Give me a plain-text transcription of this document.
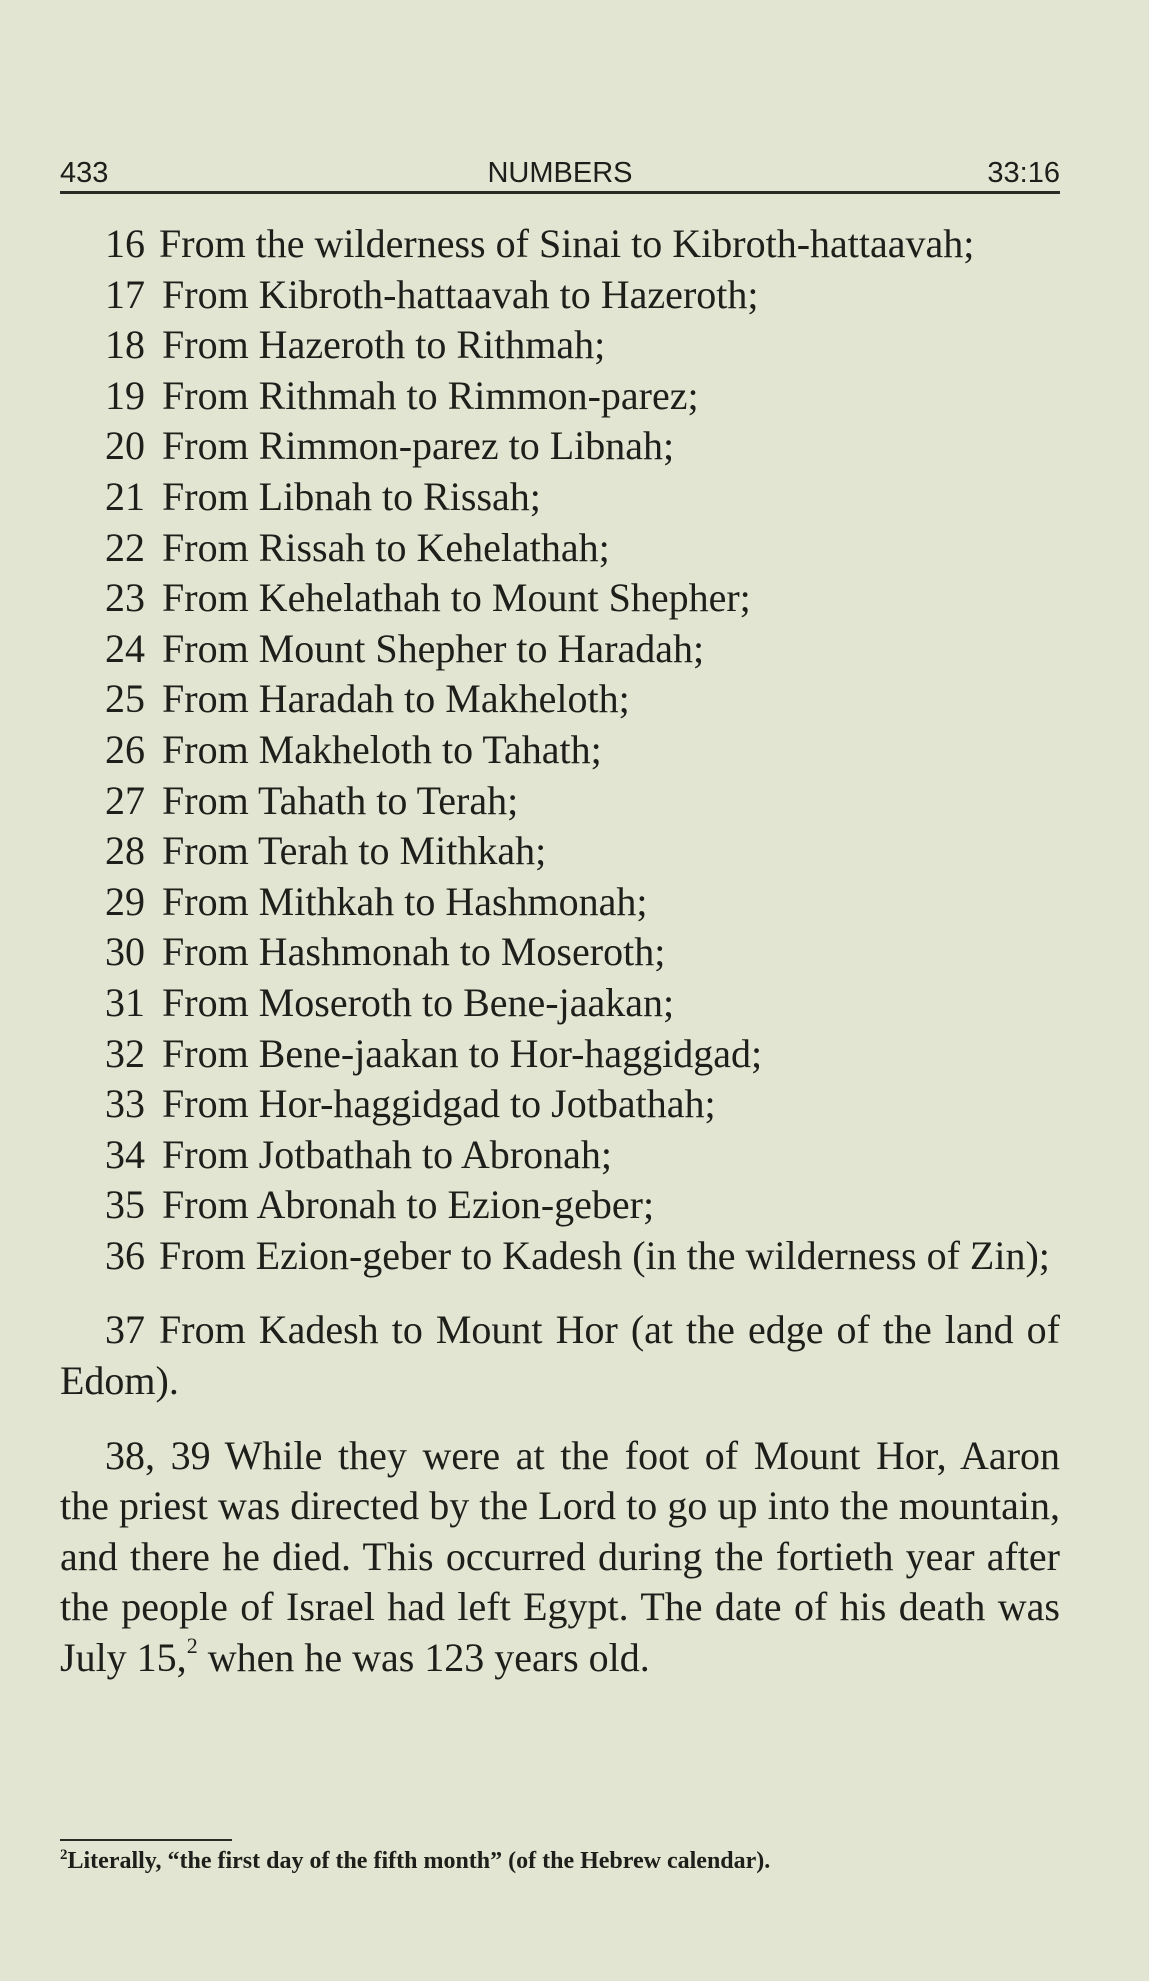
NUMBERS
433	33:16

16 From the wilderness of Sinai to Kibroth-hattaavah;

17 From Kibroth-hattaavah to Hazeroth;

18 From Hazeroth to Rithmah;

19 From Rithmah to Rimmon-parez;

20 From Rimmon-parez to Libnah;

21 From Libnah to Rissah;

22 From Rissah to Kehelathah;

23 From Kehelathah to Mount Shepher;

24 From Mount Shepher to Haradah;

25 From Haradah to Makheloth;

26 From Makheloth to Tahath;

27 From Tahath to Terah;

28 From Terah to Mithkah;

29 From Mithkah to Hashmonah;

30 From Hashmonah to Moseroth;

31 From Moseroth to Bene-jaakan;

32 From Bene-jaakan to Hor-haggidgad;

33 From Hor-haggidgad to Jotbathah;

34 From Jotbathah to Abronah;

35 From Abronah to Ezion-geber;

36 From Ezion-geber to Kadesh (in the wilderness of Zin);

37 From Kadesh to Mount Hor (at the edge of the land of Edom).

38, 39 While they were at the foot of Mount Hor, Aaron the priest was directed by the Lord to go up into the mountain, and there he died. This occurred during the fortieth year after the people of Israel had left Egypt. The date of his death was July 15,$^2$ when he was 123 years old.

$^2$Literally, “the first day of the fifth month” (of the Hebrew calendar).
